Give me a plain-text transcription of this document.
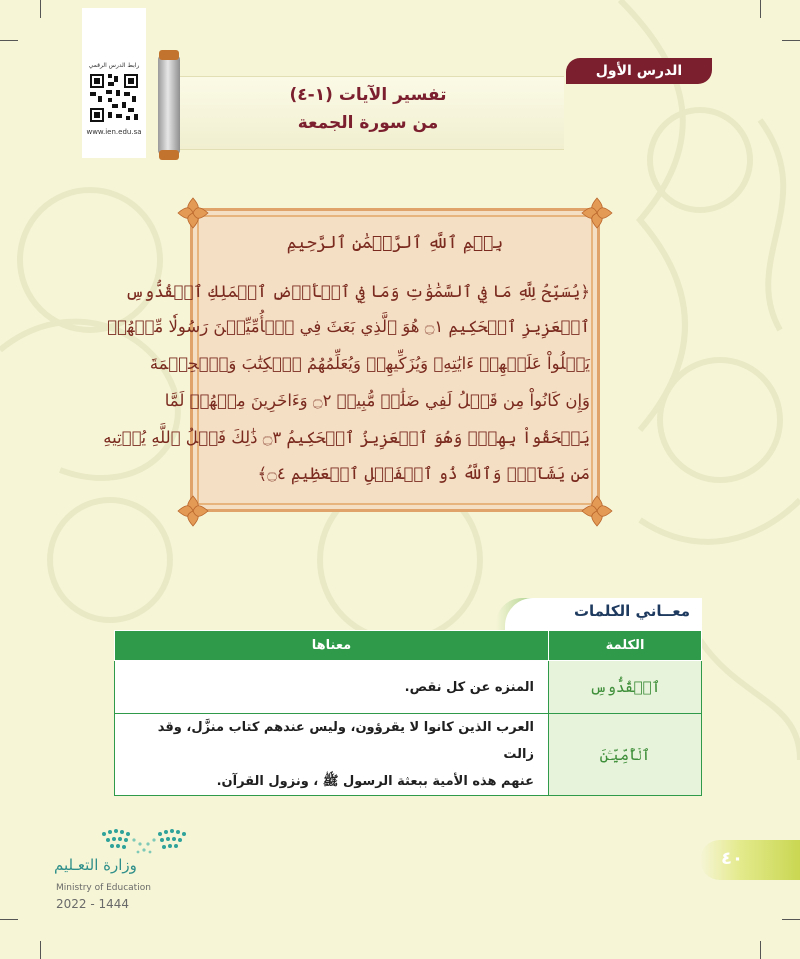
رابط الدرس الرقمي
www.ien.edu.sa
الدرس الأول
تفسير الآيات (١-٤)
من سورة الجمعة
بِسۡمِ ٱللَّهِ ٱلرَّحۡمَٰنِ ٱلرَّحِيمِ
﴿يُسَبِّحُ لِلَّهِ مَا فِي ٱلسَّمَٰوَٰتِ وَمَا فِي ٱلۡأَرۡضِ ٱلۡمَلِكِ ٱلۡقُدُّوسِ
ٱلۡعَزِيزِ ٱلۡحَكِيمِ ۝١ هُوَ ٱلَّذِي بَعَثَ فِي ٱلۡأُمِّيِّـۧنَ رَسُولٗا مِّنۡهُمۡ
يَتۡلُواْ عَلَيۡهِمۡ ءَايَٰتِهِۦ وَيُزَكِّيهِمۡ وَيُعَلِّمُهُمُ ٱلۡكِتَٰبَ وَٱلۡحِكۡمَةَ
وَإِن كَانُواْ مِن قَبۡلُ لَفِي ضَلَٰلٖ مُّبِينٖ ۝٢ وَءَاخَرِينَ مِنۡهُمۡ لَمَّا
يَلۡحَقُواْ بِهِمۡۚ وَهُوَ ٱلۡعَزِيزُ ٱلۡحَكِيمُ ۝٣ ذَٰلِكَ فَضۡلُ ٱللَّهِ يُؤۡتِيهِ
مَن يَشَآءُۚ وَٱللَّهُ ذُو ٱلۡفَضۡلِ ٱلۡعَظِيمِ ۝٤﴾
معــاني الكلمات
الكلمة	معناها
ٱلۡقُدُّوسِ	المنزه عن كل نقص.
ٱلۡأُمِّيِّـۧنَ	العرب الذين كانوا لا يقرؤون، وليس عندهم كتاب منزَّل، وقد زالت
عنهم هذه الأمية ببعثة الرسول ﷺ ، ونزول القرآن.
وزارة التعـليم
Ministry of Education
2022 - 1444
٤٠
